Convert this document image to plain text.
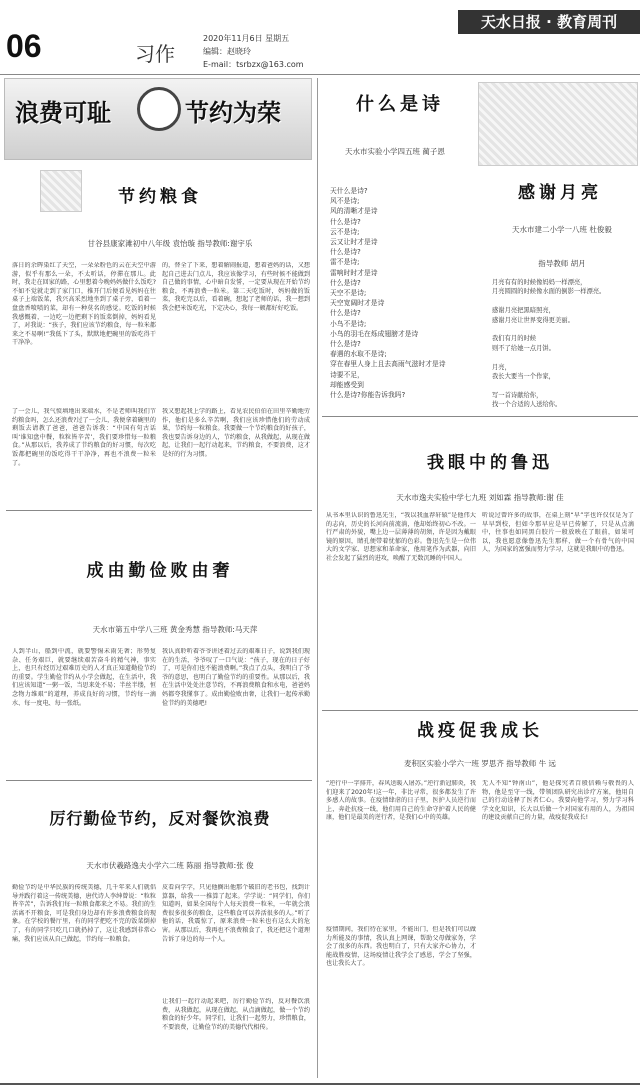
06	习作
2020年11月6日 星期五
编辑：赵晓玲
E-mail：tsrbzx@163.com
天水日报 · 教育周刊
浪费可耻	节约为荣
节约粮食
甘谷县康家滩初中八年级 袁怡璇 指导教师:谢宇乐
落日的余晖染红了天空，一朵朵粉色的云在天空中游游，似乎有那么一朵，不太听话，停滞在那儿。此时，我走在回家的路，心里想着今晚妈妈做什么饭吃?不如不觉就走到了家门口，推开门后便看见妈妈在往桌子上端饭菜，我兴高采烈地坐到了桌子旁，看着一盘盘香喷喷的菜，却有一种莫名的感觉。吃饭的时候我感慨着，一边吃一边把剩下的饭菜倒掉，妈妈看见了，对我说：“孩子，我们应该节约粮食，每一粒米都来之不易啊!”我低下了头，默默地把碗里的饭吃得干干净净。
了一会儿，我气愤填地出来端水，不是老师叫我们节约粮食吗，怎么还浪费?过了一会儿，我便拿着碗里的剩饭去请教了爸爸，爸爸告诉我：“中国有句古话叫‘谁知盘中餐，粒粒皆辛苦’，我们要珍惜每一粒粮食。”从那以后，我养成了节约粮食的好习惯，每次吃饭都把碗里的饭吃得干干净净，再也不浪费一粒米了。
的，替全了下来，想着解闹报道，想着爸妈的话，又想起自己进去门点儿，我应该像学习，有些时候不能做到自己做的事情，心中暗自发誓，一定要从现在开始节约粮食，不再浪费一粒米。第二天吃饭时，妈妈做的饭菜，我吃完以后，看着碗，想起了老师的话，我一想到我会把米饭吃光，下定决心，我每一顿都好好吃饭。
我又想起我上学的路上，看见农民伯伯在田里辛勤地劳作，他们是多么辛苦啊，我们应该珍惜他们的劳动成果，节约每一粒粮食。我要做一个节约粮食的好孩子，我也要告诉身边的人，节约粮食，从我做起，从现在做起，让我们一起行动起来，节约粮食，不要浪费，这才是好的行为习惯。
成由勤俭败由奢
天水市第五中学八三班 黄金秀慧 指导教师:马天萍
人到半山，船到中流，就要警惕未雨先奢；形势复杂、任务艰巨，就要继续艰苦奋斗的精气神，事实上，也只有经历过艰难历史的人才真正知道勤俭节约的重要。学生勤俭节约从小学会做起，在生活中，我们应该知道“一粥一饭，当思来处不易；半丝半缕，恒念物力维艰”的道理，养成良好的习惯，节约每一滴水、每一度电、每一张纸。
我认真聆听着爷爷讲述着过去的艰难日子，说到我们现在的生活，爷爷叹了一口气说：“孩子，现在的日子好了，可是你们也不能浪费啊。”我点了点头，我明白了爷爷的意思，也明白了勤俭节约的重要性。从那以后，我在生活中处处注意节约，不再浪费粮食和水电，爸爸妈妈都夸我懂事了。成由勤俭败由奢，让我们一起传承勤俭节约的美德吧!
厉行勤俭节约，反对餐饮浪费
天水市伏羲路逸夫小学六二班 陈丽 指导教师:张 俊
勤俭节约是中华民族的传统美德，几千年来人们就倡导并践行着这一传统美德，唐代诗人李绅曾说：“粒粒皆辛苦”，告诉我们每一粒粮食都来之不易。我们的生活离不开粮食，可是我们身边却有许多浪费粮食的现象。在学校的餐厅里，有的同学把吃不完的饭菜倒掉了，有的同学只吃几口就扔掉了，这让我感到非常心痛，我们应该从自己做起，节约每一粒粮食。
皮看向学学，只见他搁出他那个破旧的老书包，找到计算器，给我一一推算了起来。学学说：“同学们，你们知道吗，如果全国每个人每天浪费一粒米，一年就会浪费很多很多的粮食，这些粮食可以养活很多的人。”听了他的话，我震惊了，原来浪费一粒米也有这么大的危害。从那以后，我再也不浪费粮食了，我还把这个道理告诉了身边的每一个人。
让我们一起行动起来吧，厉行勤俭节约，反对餐饮浪费，从我做起，从现在做起，从点滴做起，做一个节约粮食的好少年。同学们，让我们一起努力，珍惜粮食，不要浪费，让勤俭节约的美德代代相传。
什么是诗
天水市实验小学四五班 蔺子恩
天什么是诗?
风不是诗;
风的清晰才是诗
什么是诗?
云不是诗;
云又让时才是诗
什么是诗?
雷不是诗;
雷响时时才是诗
什么是诗?
天空不是诗;
天空宽阔时才是诗
什么是诗?
小鸟不是诗;
小鸟的羽毛在烁成翅膀才是诗
什么是诗?
春遇的水取不是诗;
穿在春里人身上且去高雨气滋时才是诗
诗要不足，
却能感受到
什么是诗?你能告诉我吗?
感谢月亮
天水市建二小学一八班 杜俊毅
指导教师 胡月
月亮有有的时候像妈妈一样漂亮，
月亮圆圆的时候像水面的倒影一样漂亮。

感谢月亮把黑暗照亮，
感谢月亮让世界变得更美丽。

我们有月的时候
则不了给她一点月饼。

月亮，
我长大要当一个作家，

写一首诗献给你，
找一个合适的人送给你。
我眼中的鲁迅
天水市逸夫实验中学七九班 刘如霖 指导教师:谢 佳
从书本里认识的鲁迅先生，“我以我血荐轩辕”是他伟大的志向，历史的长河向前流淌，他却始终初心不改。一行严肃的外貌，嘴上边一层薄薄的胡须，许是因为戴眼镜的原因，睛孔便带着忧郁的色彩。鲁迅先生是一位伟大的文学家、思想家和革命家，他用笔作为武器，向旧社会发起了猛烈的进攻，唤醒了无数沉睡的中国人。
听说过曾许多的故事，在桌上刻“早”字也许仅仅是为了早早到校，但如今那早应是早已传解了，只是从点滴中，往事也如同黑白胶片一般放映在了眼前，如果可以，我也愿意像鲁迅先生那样，做一个有骨气的中国人，为国家的富强而努力学习，这就是我眼中的鲁迅。
战疫促我成长
麦积区实验小学六一班 罗思齐 指导教师 牛 远
“逆行中一字排开，春风送暖入屠苏。”逆行新冠肺炎，我们迎来了2020年!这一年，非比寻常，很多都发生了许多感人的故事。在疫情肆虐的日子里，医护人员逆行而上，奔赴抗疫一线，他们用自己的生命守护着人民的健康，他们是最美的逆行者，是我们心中的英雄。
疫情期间，我们待在家里，不能出门，但是我们可以做力所能及的事情，我认真上网课，帮助父母做家务，学会了很多的东西。我也明白了，只有大家齐心协力，才能战胜疫情，这场疫情让我学会了感恩，学会了坚强，也让我长大了。
无人不知“钟南山”，他是探究者百般信赖与敬畏的人物，他是至守一线，带领团队研究出诊疗方案，他用自己的行动诠释了医者仁心。我要向他学习，努力学习科学文化知识，长大以后做一个对国家有用的人，为祖国的建设贡献自己的力量，战疫促我成长!
